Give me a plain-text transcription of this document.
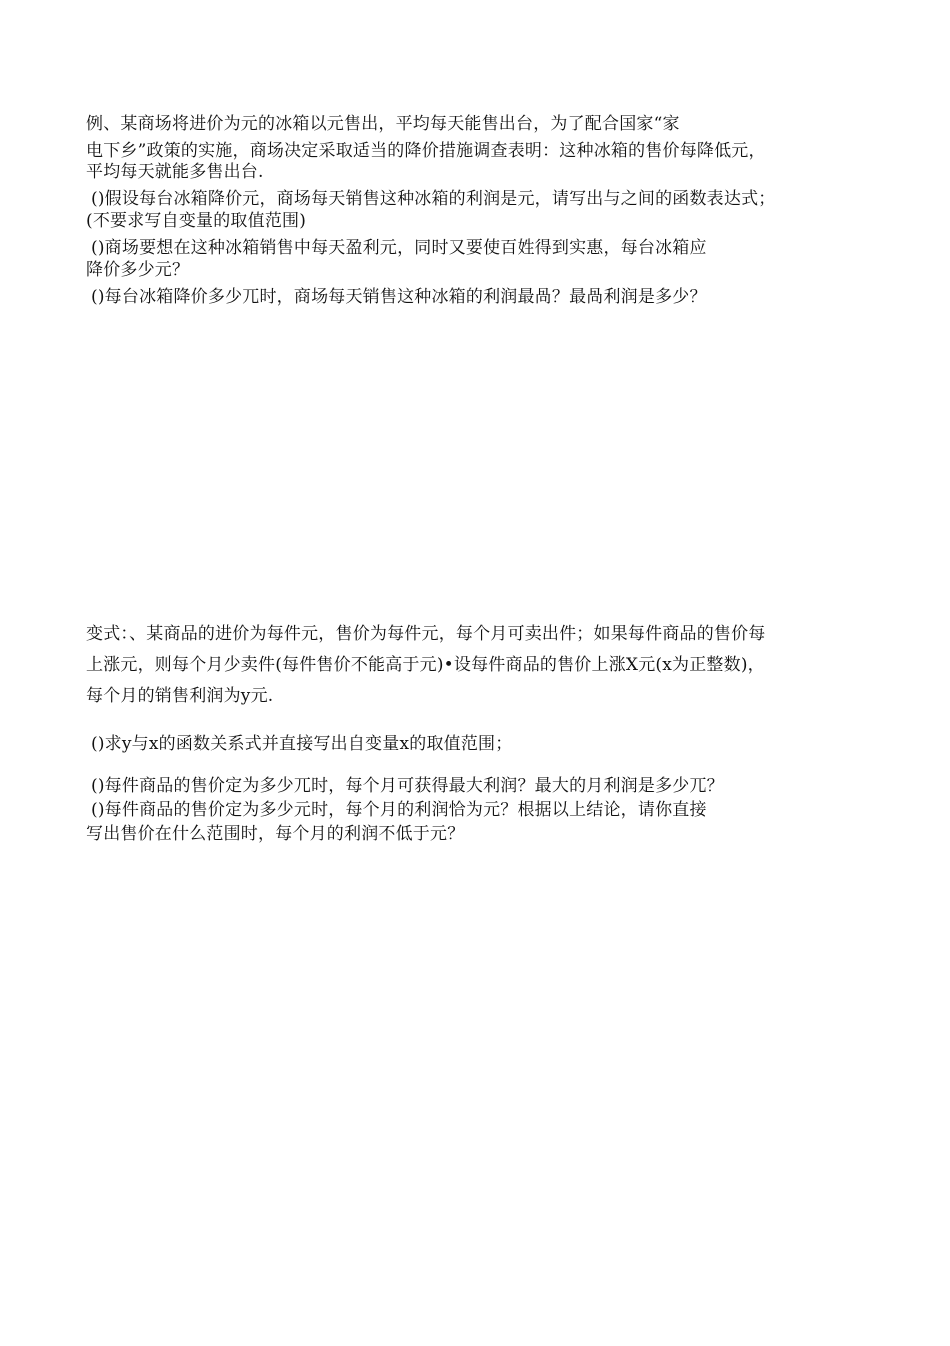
例、某商场将进价为元的冰箱以元售出，平均每天能售出台，为了配合国家“家
电下乡”政策的实施，商场决定采取适当的降价措施调查表明：这种冰箱的售价每降低元，
平均每天就能多售出台.
()假设每台冰箱降价元，商场每天销售这种冰箱的利润是元，请写出与之间的函数表达式；
(不要求写自变量的取值范围)
()商场要想在这种冰箱销售中每天盈利元，同时又要使百姓得到实惠，每台冰箱应
降价多少元？
()每台冰箱降价多少兀时，商场每天销售这种冰箱的利润最咼？最咼利润是多少？
变式：、某商品的进价为每件元，售价为每件元，每个月可卖出件；如果每件商品的售价每
上涨元，则每个月少卖件(每件售价不能高于元)•设每件商品的售价上涨X元(x为正整数)，
每个月的销售利润为y元.
()求y与x的函数关系式并直接写出自变量x的取值范围；
()每件商品的售价定为多少兀时，每个月可获得最大利润？最大的月利润是多少兀？
()每件商品的售价定为多少元时，每个月的利润恰为元？根据以上结论，请你直接
写出售价在什么范围时，每个月的利润不低于元？
